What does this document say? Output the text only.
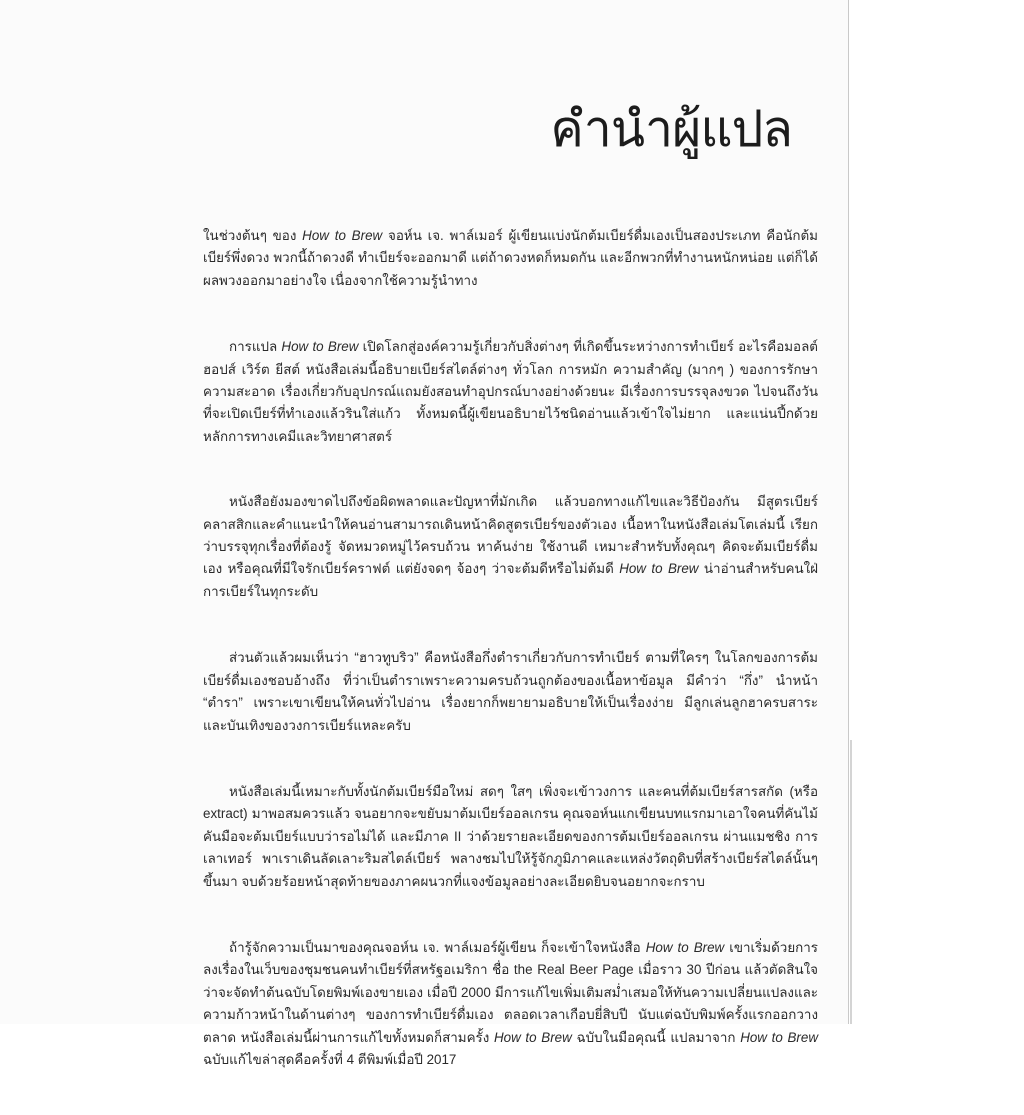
คำนำผู้แปล

ในช่วงต้นๆ ของ How to Brew จอห์น เจ. พาล์เมอร์ ผู้เขียนแบ่งนักต้มเบียร์ดื่มเองเป็นสองประเภท คือนักต้มเบียร์พึ่งดวง พวกนี้ถ้าดวงดี ทำเบียร์จะออกมาดี แต่ถ้าดวงหดก็หมดกัน และอีกพวกที่ทำงานหนักหน่อย แต่ก็ได้ผลพวงออกมาอย่างใจ เนื่องจากใช้ความรู้นำทาง

การแปล How to Brew เปิดโลกสู่องค์ความรู้เกี่ยวกับสิ่งต่างๆ ที่เกิดขึ้นระหว่างการทำเบียร์ อะไรคือมอลต์ ฮอปส์ เวิร์ต ยีสต์ หนังสือเล่มนี้อธิบายเบียร์สไตล์ต่างๆ ทั่วโลก การหมัก ความสำคัญ (มากๆ ) ของการรักษาความสะอาด เรื่องเกี่ยวกับอุปกรณ์แถมยังสอนทำอุปกรณ์บางอย่างด้วยนะ มีเรื่องการบรรจุลงขวด ไปจนถึงวันที่จะเปิดเบียร์ที่ทำเองแล้วรินใส่แก้ว ทั้งหมดนี้ผู้เขียนอธิบายไว้ชนิดอ่านแล้วเข้าใจไม่ยาก และแน่นปึ้กด้วยหลักการทางเคมีและวิทยาศาสตร์

หนังสือยังมองขาดไปถึงข้อผิดพลาดและปัญหาที่มักเกิด แล้วบอกทางแก้ไขและวิธีป้องกัน มีสูตรเบียร์คลาสสิกและคำแนะนำให้คนอ่านสามารถเดินหน้าคิดสูตรเบียร์ของตัวเอง เนื้อหาในหนังสือเล่มโตเล่มนี้ เรียกว่าบรรจุทุกเรื่องที่ต้องรู้ จัดหมวดหมู่ไว้ครบถ้วน หาค้นง่าย ใช้งานดี เหมาะสำหรับทั้งคุณๆ คิดจะต้มเบียร์ดื่มเอง หรือคุณที่มีใจรักเบียร์คราฟต์ แต่ยังจดๆ จ้องๆ ว่าจะต้มดีหรือไม่ต้มดี How to Brew น่าอ่านสำหรับคนใฝ่การเบียร์ในทุกระดับ

ส่วนตัวแล้วผมเห็นว่า “ฮาวทูบริว” คือหนังสือกึ่งตำราเกี่ยวกับการทำเบียร์ ตามที่ใครๆ ในโลกของการต้มเบียร์ดื่มเองชอบอ้างถึง ที่ว่าเป็นตำราเพราะความครบถ้วนถูกต้องของเนื้อหาข้อมูล มีคำว่า “กึ่ง” นำหน้า “ตำรา” เพราะเขาเขียนให้คนทั่วไปอ่าน เรื่องยากก็พยายามอธิบายให้เป็นเรื่องง่าย มีลูกเล่นลูกฮาครบสาระและบันเทิงของวงการเบียร์แหละครับ

หนังสือเล่มนี้เหมาะกับทั้งนักต้มเบียร์มือใหม่ สดๆ ใสๆ เพิ่งจะเข้าวงการ และคนที่ต้มเบียร์สารสกัด (หรือ extract) มาพอสมควรแล้ว จนอยากจะขยับมาต้มเบียร์ออลเกรน คุณจอห์นแกเขียนบทแรกมาเอาใจคนที่คันไม้คันมือจะต้มเบียร์แบบว่ารอไม่ได้ และมีภาค II ว่าด้วยรายละเอียดของการต้มเบียร์ออลเกรน ผ่านแมชชิง การเลาเทอร์ พาเราเดินลัดเลาะริมสไตล์เบียร์ พลางชมไปให้รู้จักภูมิภาคและแหล่งวัตถุดิบที่สร้างเบียร์สไตล์นั้นๆ ขึ้นมา จบด้วยร้อยหน้าสุดท้ายของภาคผนวกที่แจงข้อมูลอย่างละเอียดยิบจนอยากจะกราบ

ถ้ารู้จักความเป็นมาของคุณจอห์น เจ. พาล์เมอร์ผู้เขียน ก็จะเข้าใจหนังสือ How to Brew เขาเริ่มด้วยการลงเรื่องในเว็บของชุมชนคนทำเบียร์ที่สหรัฐอเมริกา ชื่อ the Real Beer Page เมื่อราว 30 ปีก่อน แล้วตัดสินใจว่าจะจัดทำต้นฉบับโดยพิมพ์เองขายเอง เมื่อปี 2000 มีการแก้ไขเพิ่มเติมสม่ำเสมอให้ทันความเปลี่ยนแปลงและความก้าวหน้าในด้านต่างๆ ของการทำเบียร์ดื่มเอง ตลอดเวลาเกือบยี่สิบปี นับแต่ฉบับพิมพ์ครั้งแรกออกวางตลาด หนังสือเล่มนี้ผ่านการแก้ไขทั้งหมดก็สามครั้ง How to Brew ฉบับในมือคุณนี้ แปลมาจาก How to Brew ฉบับแก้ไขล่าสุดคือครั้งที่ 4 ตีพิมพ์เมื่อปี 2017
